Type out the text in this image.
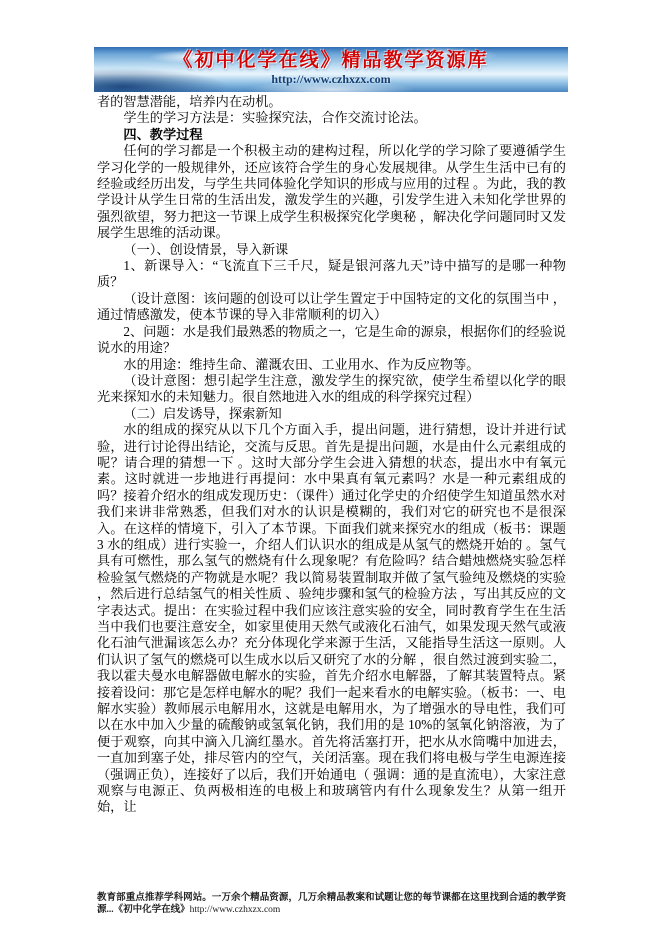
《初中化学在线》精品教学资源库
http://www.czhxzx.com

者的智慧潜能，培养内在动机。

学生的学习方法是：实验探究法，合作交流讨论法。

四、教学过程

任何的学习都是一个积极主动的建构过程，所以化学的学习除了要遵循学生学习化学的一般规律外，还应该符合学生的身心发展规律。从学生生活中已有的经验或经历出发，与学生共同体验化学知识的形成与应用的过程 。为此，我的教学设计从学生日常的生活出发，激发学生的兴趣，引发学生进入未知化学世界的强烈欲望，努力把这一节课上成学生积极探究化学奥秘 ，解决化学问题同时又发展学生思维的活动课。

（一）、创设情景，导入新课

1、新课导入：“飞流直下三千尺，疑是银河落九天”诗中描写的是哪一种物质？

（设计意图：该问题的创设可以让学生置定于中国特定的文化的氛围当中 ，通过情感激发，使本节课的导入非常顺利的切入）

2、问题：水是我们最熟悉的物质之一，它是生命的源泉，根据你们的经验说说水的用途？

水的用途：维持生命、灌溉农田、工业用水、作为反应物等。

（设计意图：想引起学生注意，激发学生的探究欲，使学生希望以化学的眼光来探知水的未知魅力。很自然地进入水的组成的科学探究过程）

（二）启发诱导，探索新知

水的组成的探究从以下几个方面入手，提出问题，进行猜想，设计并进行试验，进行讨论得出结论，交流与反思。首先是提出问题，水是由什么元素组成的呢？请合理的猜想一下 。这时大部分学生会进入猜想的状态，提出水中有氧元素。这时就进一步地进行再提问：水中果真有氧元素吗？水是一种元素组成的吗？接着介绍水的组成发现历史：（课件）通过化学史的介绍使学生知道虽然水对我们来讲非常熟悉，但我们对水的认识是模糊的，我们对它的研究也不是很深入。在这样的情境下，引入了本节课。下面我们就来探究水的组成（板书：课题 3 水的组成）进行实验一，介绍人们认识水的组成是从氢气的燃烧开始的 。氢气具有可燃性，那么氢气的燃烧有什么现象呢？有危险吗？结合蜡烛燃烧实验怎样检验氢气燃烧的产物就是水呢？我以简易装置制取并做了氢气验纯及燃烧的实验 ，然后进行总结氢气的相关性质 、验纯步骤和氢气的检验方法 ，写出其反应的文字表达式。提出：在实验过程中我们应该注意实验的安全，同时教育学生在生活当中我们也要注意安全，如家里使用天然气或液化石油气，如果发现天然气或液化石油气泄漏该怎么办？充分体现化学来源于生活，又能指导生活这一原则。人们认识了氢气的燃烧可以生成水以后又研究了水的分解 ，很自然过渡到实验二，我以霍夫曼水电解器做电解水的实验，首先介绍水电解器，了解其装置特点。紧接着设问：那它是怎样电解水的呢？我们一起来看水的电解实验。（板书：一、电解水实验）教师展示电解用水，这就是电解用水，为了增强水的导电性，我们可以在水中加入少量的硫酸钠或氢氧化钠，我们用的是 10%的氢氧化钠溶液，为了便于观察，向其中滴入几滴红墨水。首先将活塞打开，把水从水筒嘴中加进去，一直加到塞子处，排尽管内的空气，关闭活塞。现在我们将电极与学生电源连接（强调正负），连接好了以后，我们开始通电（ 强调：通的是直流电），大家注意观察与电源正、负两极相连的电极上和玻璃管内有什么现象发生？从第一组开始，让

教育部重点推荐学科网站。一万余个精品资源，几万余精品教案和试题让您的每节课都在这里找到合适的教学资源...《初中化学在线》http://www.czhxzx.com
